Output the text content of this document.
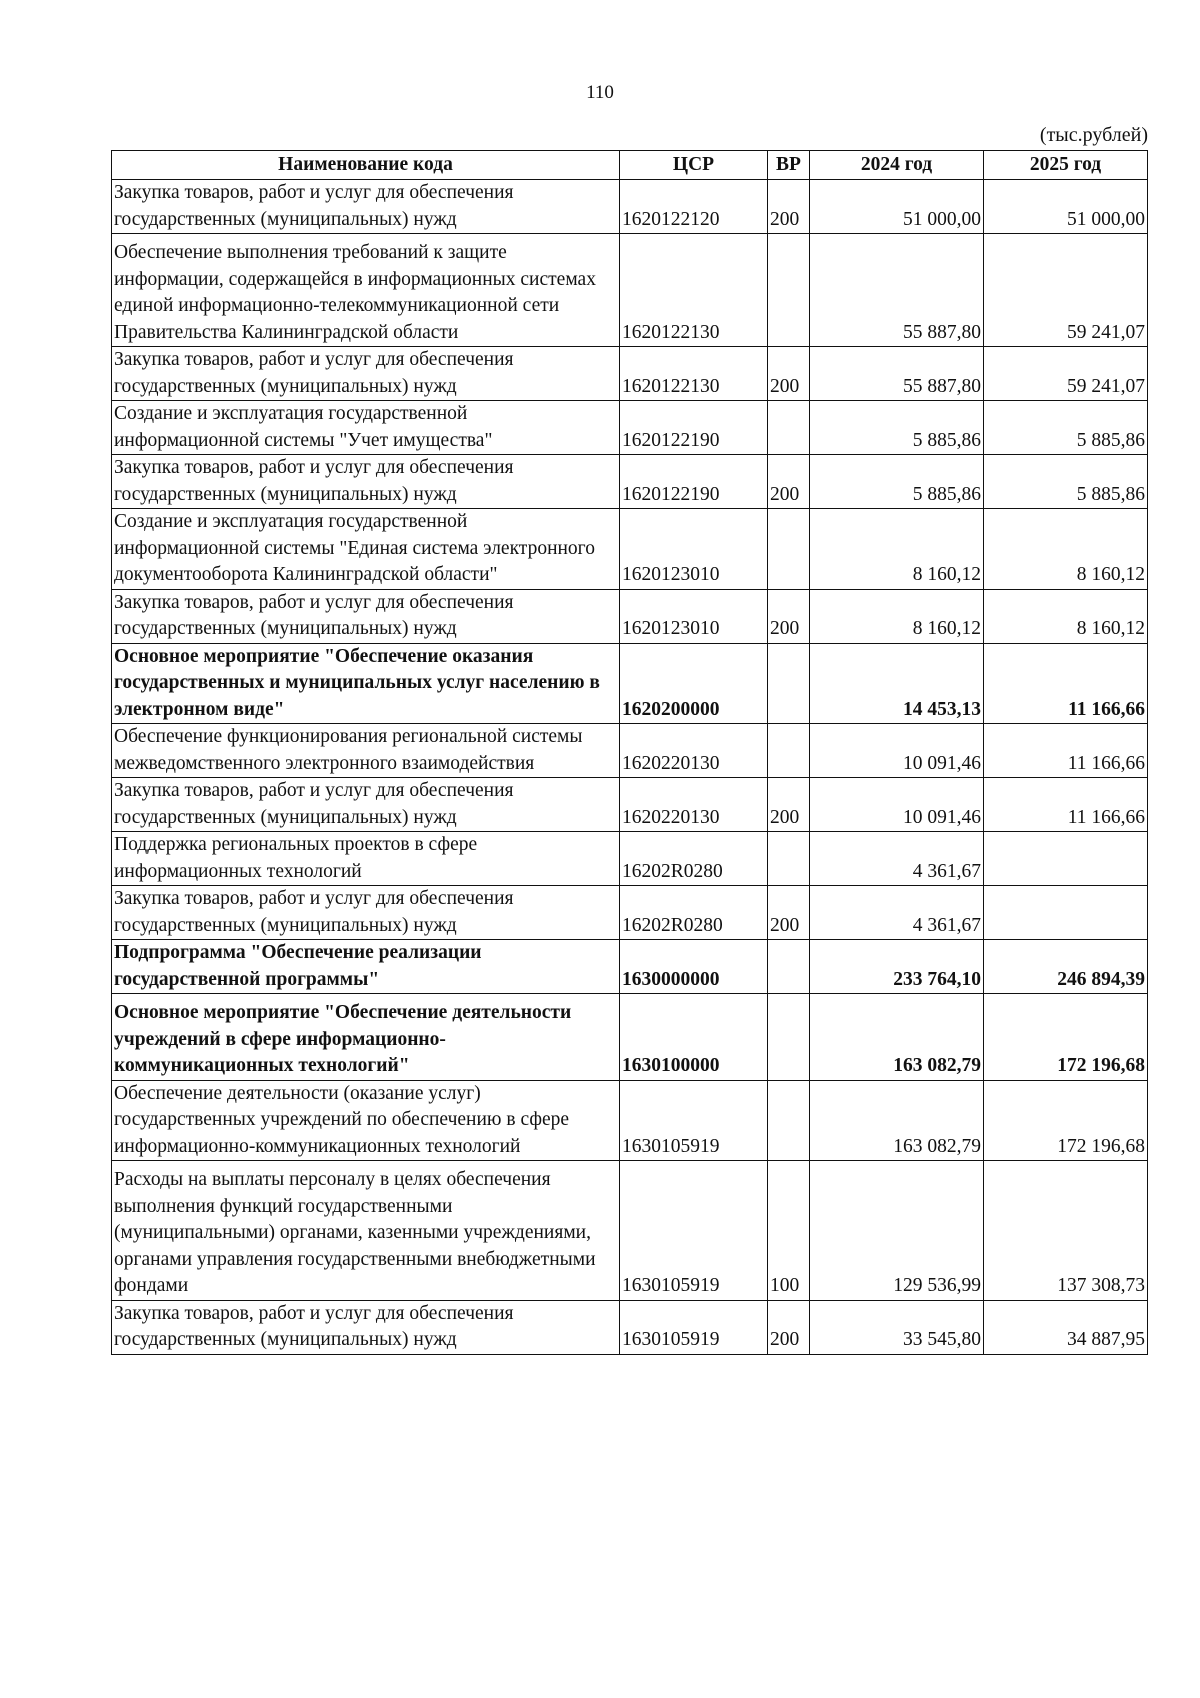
110
(тыс.рублей)
Наименование кода	ЦСР	ВР	2024 год	2025 год
Закупка товаров, работ и услуг для обеспечения государственных (муниципальных) нужд	1620122120	200	51 000,00	51 000,00
Обеспечение выполнения требований к защите информации, содержащейся в информационных системах единой информационно-телекоммуникационной сети Правительства Калининградской области	1620122130		55 887,80	59 241,07
Закупка товаров, работ и услуг для обеспечения государственных (муниципальных) нужд	1620122130	200	55 887,80	59 241,07
Создание и эксплуатация государственной информационной системы "Учет имущества"	1620122190		5 885,86	5 885,86
Закупка товаров, работ и услуг для обеспечения государственных (муниципальных) нужд	1620122190	200	5 885,86	5 885,86
Создание и эксплуатация государственной информационной системы "Единая система электронного документооборота Калининградской области"	1620123010		8 160,12	8 160,12
Закупка товаров, работ и услуг для обеспечения государственных (муниципальных) нужд	1620123010	200	8 160,12	8 160,12
Основное мероприятие "Обеспечение оказания государственных и муниципальных услуг населению в электронном виде"	1620200000		14 453,13	11 166,66
Обеспечение функционирования региональной системы межведомственного электронного взаимодействия	1620220130		10 091,46	11 166,66
Закупка товаров, работ и услуг для обеспечения государственных (муниципальных) нужд	1620220130	200	10 091,46	11 166,66
Поддержка региональных проектов в сфере информационных технологий	16202R0280		4 361,67	
Закупка товаров, работ и услуг для обеспечения государственных (муниципальных) нужд	16202R0280	200	4 361,67	
Подпрограмма "Обеспечение реализации государственной программы"	1630000000		233 764,10	246 894,39
Основное мероприятие "Обеспечение деятельности учреждений в сфере информационно-коммуникационных технологий"	1630100000		163 082,79	172 196,68
Обеспечение деятельности (оказание услуг) государственных учреждений по обеспечению в сфере информационно-коммуникационных технологий	1630105919		163 082,79	172 196,68
Расходы на выплаты персоналу в целях обеспечения выполнения функций государственными (муниципальными) органами, казенными учреждениями, органами управления государственными внебюджетными фондами	1630105919	100	129 536,99	137 308,73
Закупка товаров, работ и услуг для обеспечения государственных (муниципальных) нужд	1630105919	200	33 545,80	34 887,95
